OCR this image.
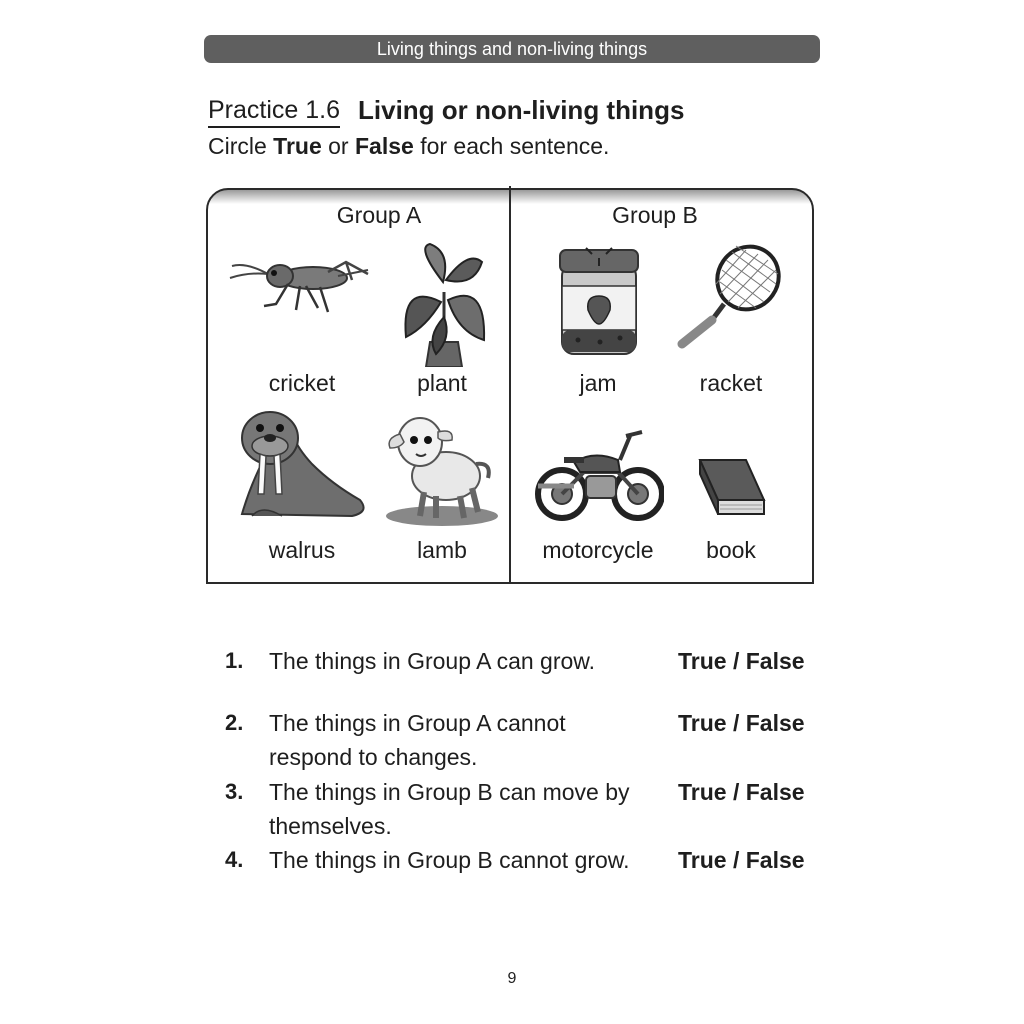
Living things and non-living things
Practice 1.6 Living or non-living things
Circle True or False for each sentence.
Group A	Group B
cricket	plant
walrus	lamb
jam	racket
motorcycle	book
1. The things in Group A can grow.	True / False
2. The things in Group A cannot respond to changes.
True / False
3. The things in Group B can move by themselves.
True / False
4. The things in Group B cannot grow.	True / False
9
